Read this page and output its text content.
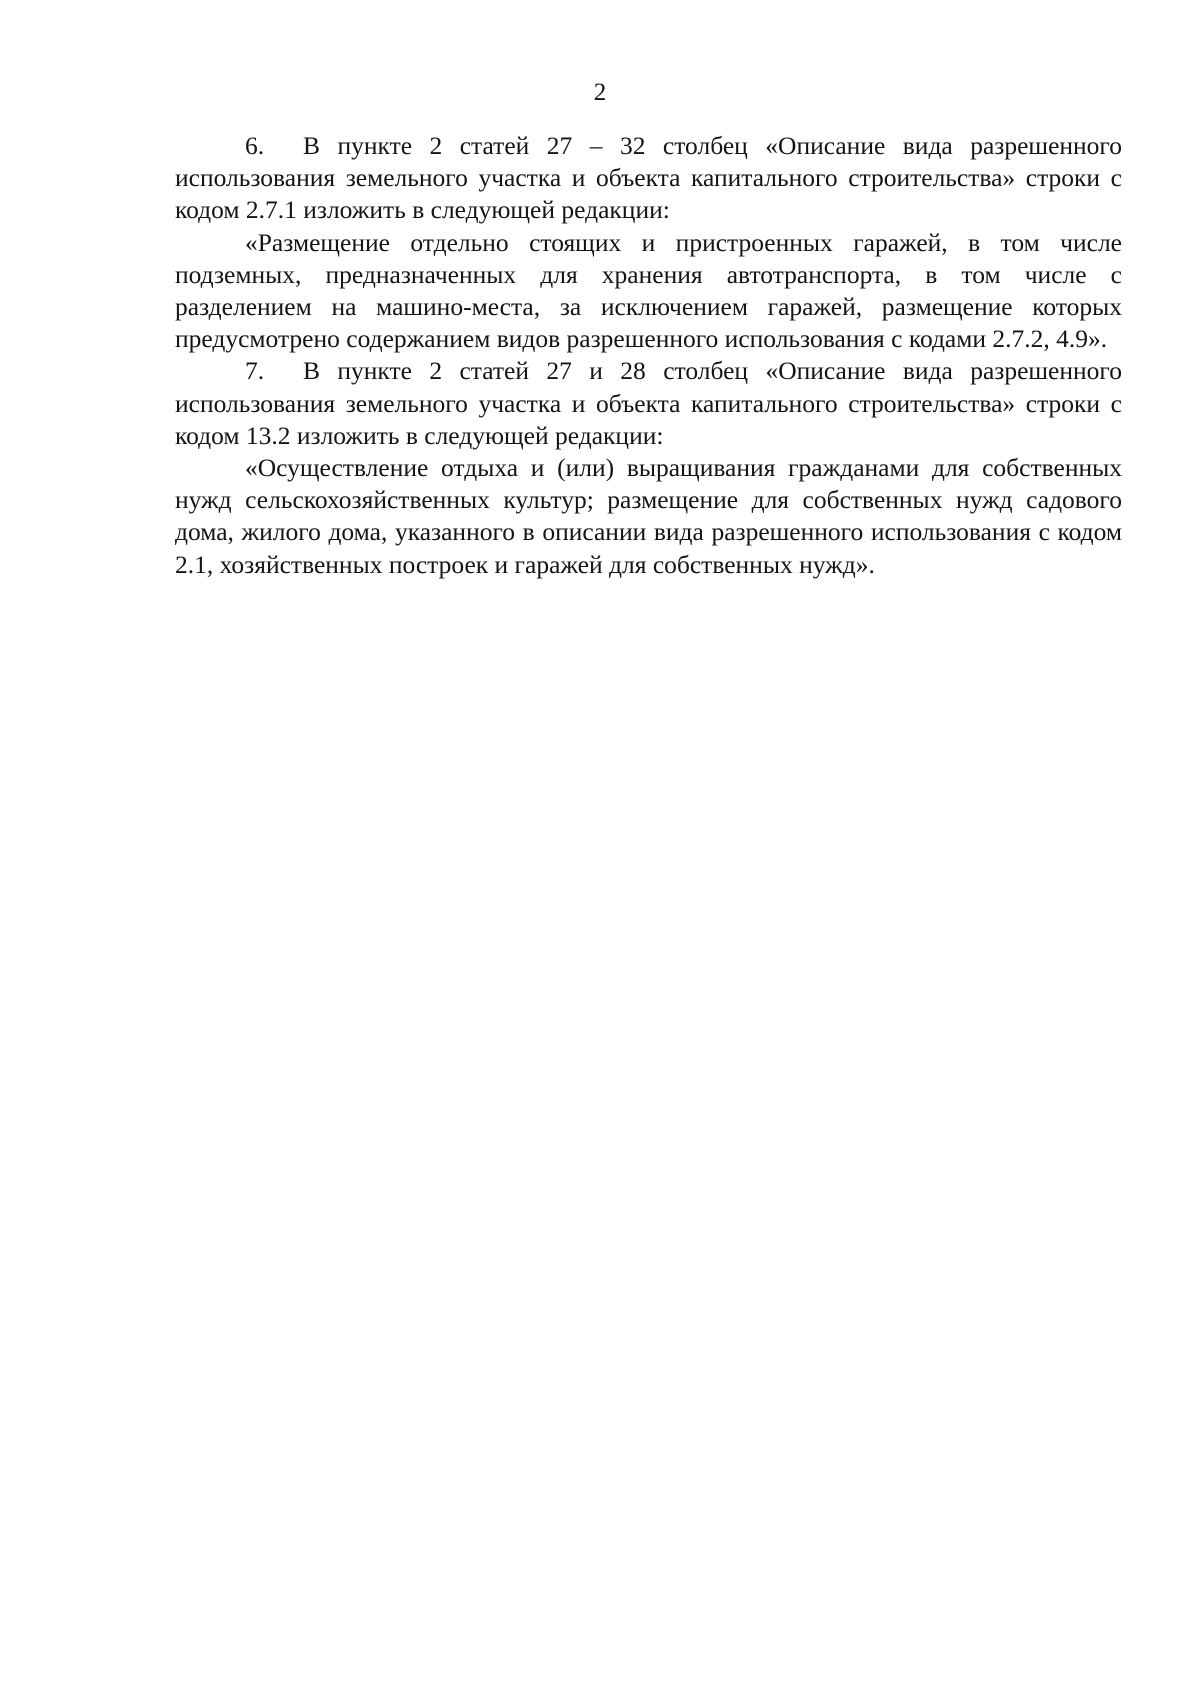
2

6. В пункте 2 статей 27 – 32 столбец «Описание вида разрешенного использования земельного участка и объекта капитального строительства» строки с кодом 2.7.1 изложить в следующей редакции:

«Размещение отдельно стоящих и пристроенных гаражей, в том числе подземных, предназначенных для хранения автотранспорта, в том числе с разделением на машино-места, за исключением гаражей, размещение которых предусмотрено содержанием видов разрешенного использования с кодами 2.7.2, 4.9».

7. В пункте 2 статей 27 и 28 столбец «Описание вида разрешенного использования земельного участка и объекта капитального строительства» строки с кодом 13.2 изложить в следующей редакции:

«Осуществление отдыха и (или) выращивания гражданами для собственных нужд сельскохозяйственных культур; размещение для собственных нужд садового дома, жилого дома, указанного в описании вида разрешенного использования с кодом 2.1, хозяйственных построек и гаражей для собственных нужд».
